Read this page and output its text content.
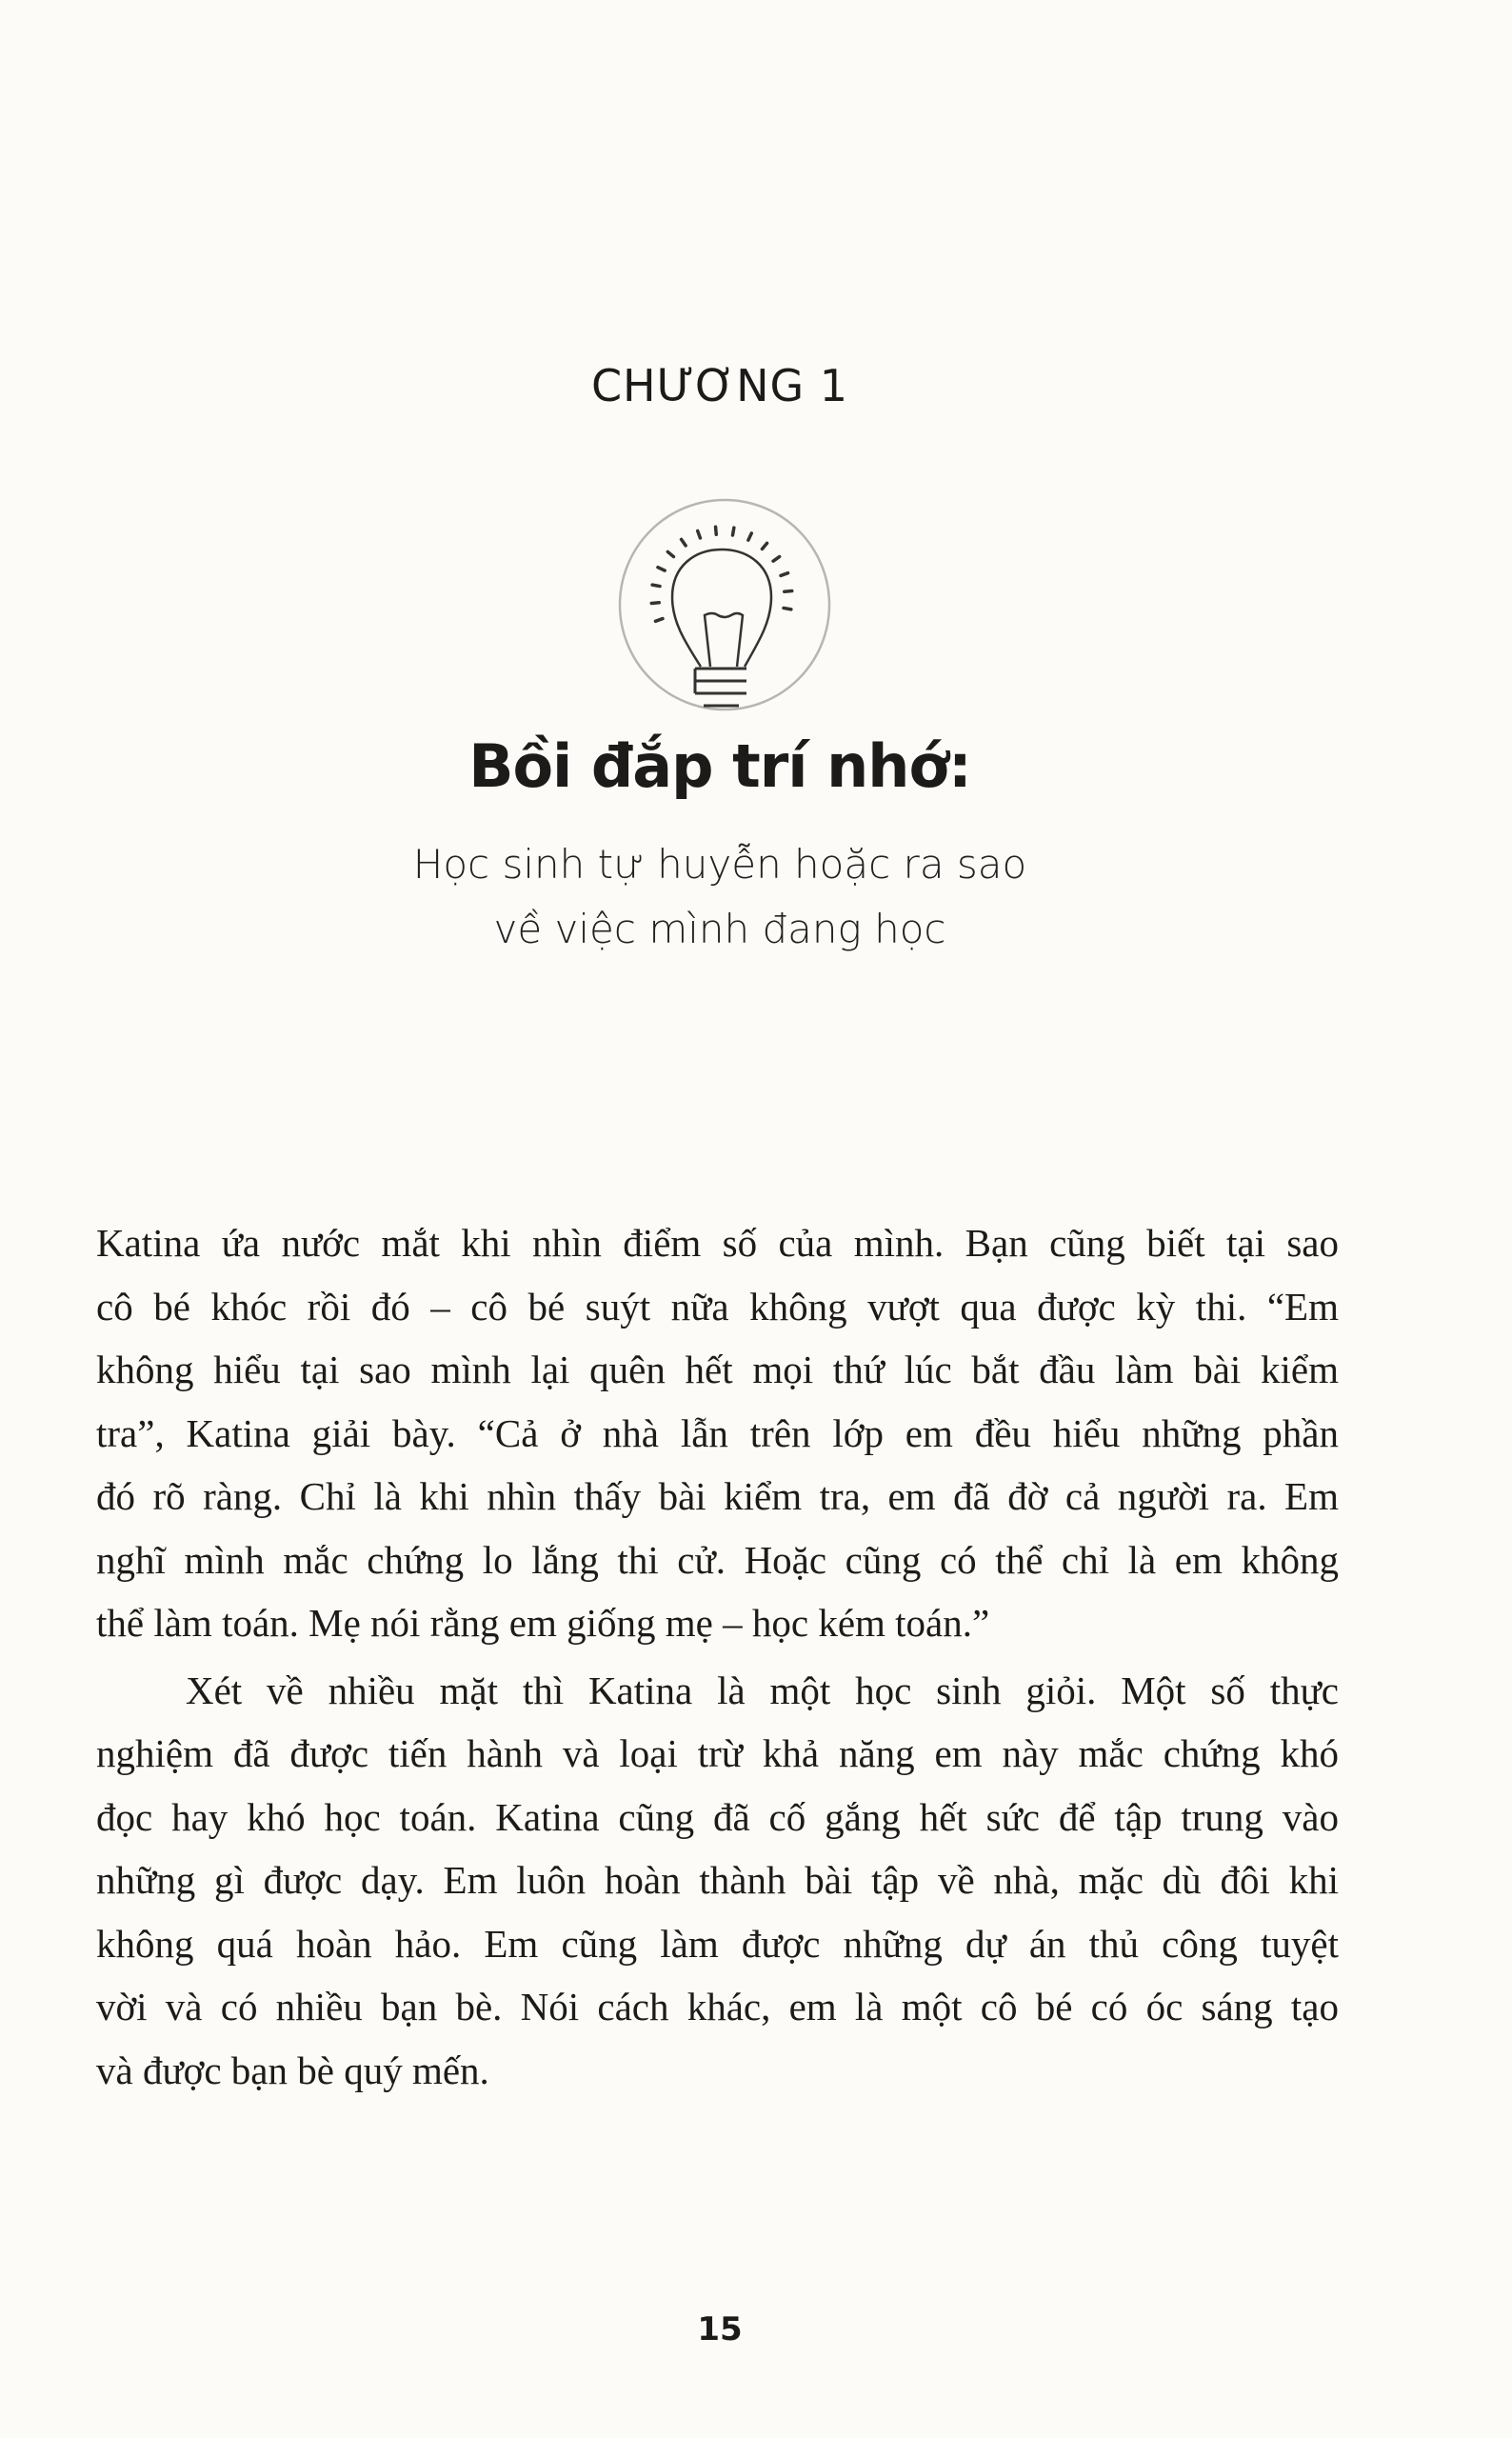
CHƯƠNG 1
Bồi đắp trí nhớ:
Học sinh tự huyễn hoặc ra sao
về việc mình đang học
Katina ứa nước mắt khi nhìn điểm số của mình. Bạn cũng biết tại sao
cô bé khóc rồi đó – cô bé suýt nữa không vượt qua được kỳ thi. “Em
không hiểu tại sao mình lại quên hết mọi thứ lúc bắt đầu làm bài kiểm
tra”, Katina giải bày. “Cả ở nhà lẫn trên lớp em đều hiểu những phần
đó rõ ràng. Chỉ là khi nhìn thấy bài kiểm tra, em đã đờ cả người ra. Em
nghĩ mình mắc chứng lo lắng thi cử. Hoặc cũng có thể chỉ là em không
thể làm toán. Mẹ nói rằng em giống mẹ – học kém toán.”
Xét về nhiều mặt thì Katina là một học sinh giỏi. Một số thực
nghiệm đã được tiến hành và loại trừ khả năng em này mắc chứng khó
đọc hay khó học toán. Katina cũng đã cố gắng hết sức để tập trung vào
những gì được dạy. Em luôn hoàn thành bài tập về nhà, mặc dù đôi khi
không quá hoàn hảo. Em cũng làm được những dự án thủ công tuyệt
vời và có nhiều bạn bè. Nói cách khác, em là một cô bé có óc sáng tạo
và được bạn bè quý mến.
15
